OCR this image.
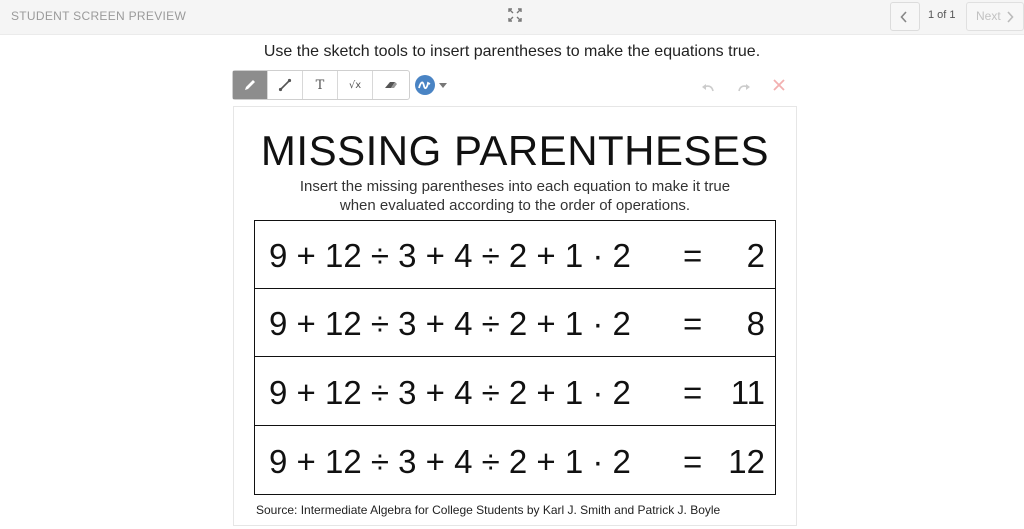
STUDENT SCREEN PREVIEW	1 of 1 Next
Use the sketch tools to insert parentheses to make the equations true.
T √x
MISSING PARENTHESES
Insert the missing parentheses into each equation to make it true
when evaluated according to the order of operations.
9 + 12 ÷ 3 + 4 ÷ 2 + 1 · 2 =	2
9 + 12 ÷ 3 + 4 ÷ 2 + 1 · 2 =	8
9 + 12 ÷ 3 + 4 ÷ 2 + 1 · 2 = 11
9 + 12 ÷ 3 + 4 ÷ 2 + 1 · 2 = 12
Source: Intermediate Algebra for College Students by Karl J. Smith and Patrick J. Boyle
